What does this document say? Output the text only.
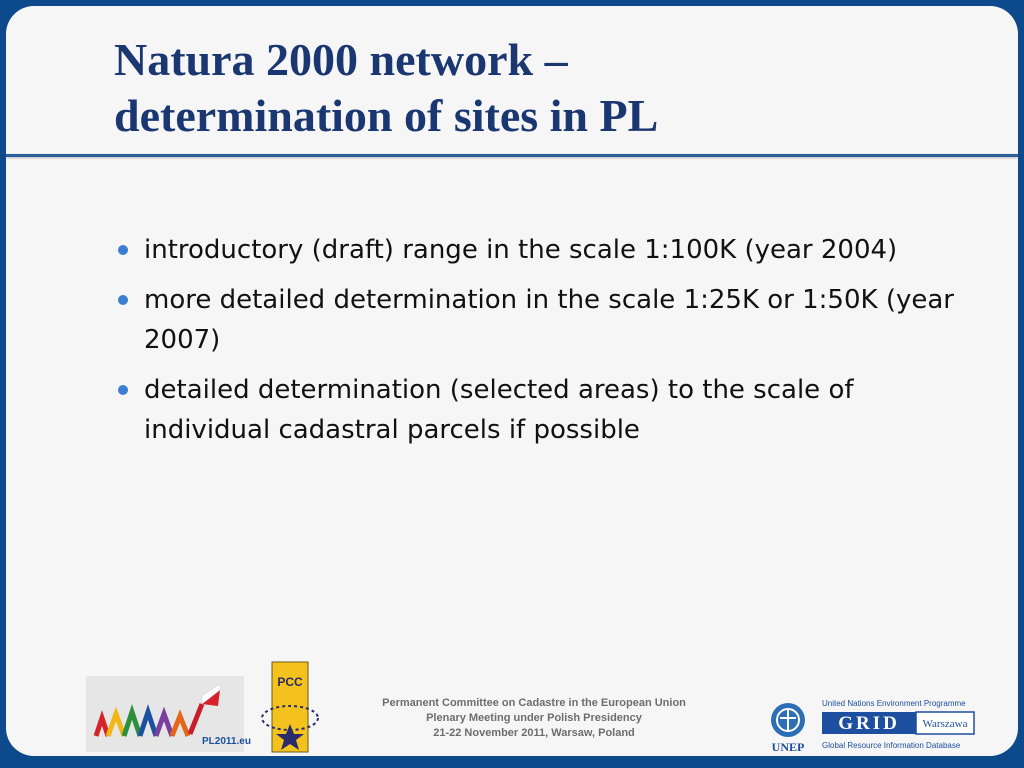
Natura 2000 network –
determination of sites in PL
introductory (draft) range in the scale 1:100K (year 2004)
more detailed determination in the scale 1:25K or 1:50K (year 2007)
detailed determination (selected areas) to the scale of individual cadastral parcels if possible
PL2011.eu
PCC
Permanent Committee on Cadastre in the European Union
Plenary Meeting under Polish Presidency
21-22 November 2011, Warsaw, Poland
UNEP
United Nations Environment Programme
GRID Warszawa
Global Resource Information Database
